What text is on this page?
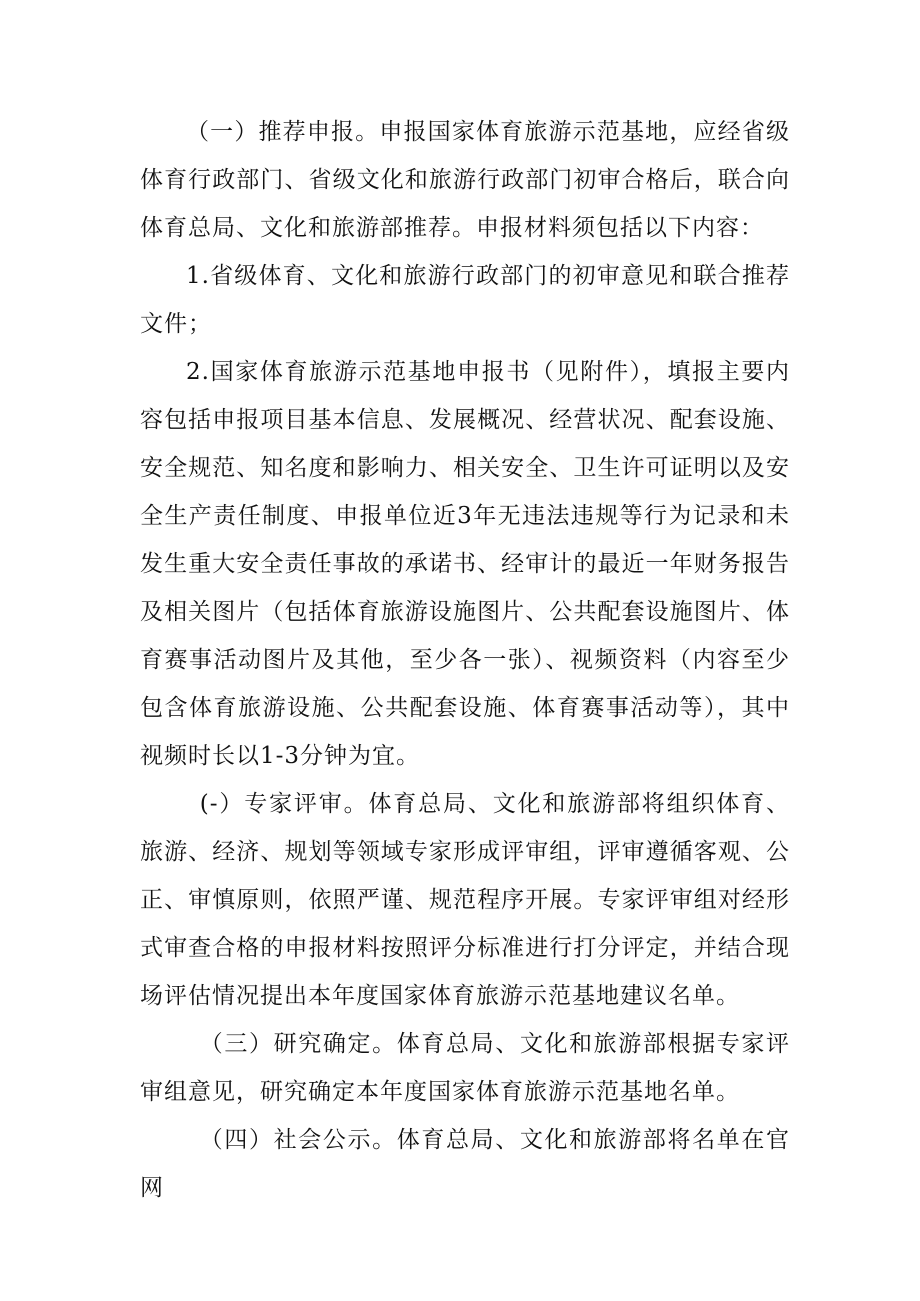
（一）推荐申报。申报国家体育旅游示范基地，应经省级体育行政部门、省级文化和旅游行政部门初审合格后，联合向体育总局、文化和旅游部推荐。申报材料须包括以下内容：

1.省级体育、文化和旅游行政部门的初审意见和联合推荐文件；

2.国家体育旅游示范基地申报书（见附件），填报主要内容包括申报项目基本信息、发展概况、经营状况、配套设施、安全规范、知名度和影响力、相关安全、卫生许可证明以及安全生产责任制度、申报单位近3年无违法违规等行为记录和未发生重大安全责任事故的承诺书、经审计的最近一年财务报告及相关图片（包括体育旅游设施图片、公共配套设施图片、体育赛事活动图片及其他，至少各一张）、视频资料（内容至少包含体育旅游设施、公共配套设施、体育赛事活动等），其中视频时长以1-3分钟为宜。

(-）专家评审。体育总局、文化和旅游部将组织体育、旅游、经济、规划等领域专家形成评审组，评审遵循客观、公正、审慎原则，依照严谨、规范程序开展。专家评审组对经形式审查合格的申报材料按照评分标准进行打分评定，并结合现场评估情况提出本年度国家体育旅游示范基地建议名单。

（三）研究确定。体育总局、文化和旅游部根据专家评审组意见，研究确定本年度国家体育旅游示范基地名单。

（四）社会公示。体育总局、文化和旅游部将名单在官网
